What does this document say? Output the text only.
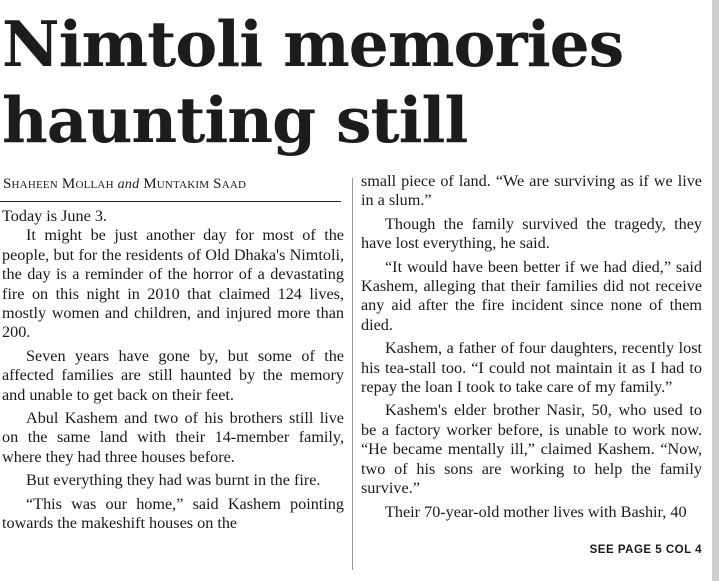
Nimtoli memories
haunting still
Shaheen Mollah and Muntakim Saad

Today is June 3.

It might be just another day for most of the people, but for the residents of Old Dhaka's Nimtoli, the day is a reminder of the horror of a devastating fire on this night in 2010 that claimed 124 lives, mostly women and children, and injured more than 200.

Seven years have gone by, but some of the affected families are still haunted by the memory and unable to get back on their feet.

Abul Kashem and two of his brothers still live on the same land with their 14-member family, where they had three houses before.

But everything they had was burnt in the fire.

“This was our home,” said Kashem pointing towards the makeshift houses on the

small piece of land. “We are surviving as if we live in a slum.”

Though the family survived the tragedy, they have lost everything, he said.

“It would have been better if we had died,” said Kashem, alleging that their families did not receive any aid after the fire incident since none of them died.

Kashem, a father of four daughters, recently lost his tea-stall too. “I could not maintain it as I had to repay the loan I took to take care of my family.”

Kashem's elder brother Nasir, 50, who used to be a factory worker before, is unable to work now. “He became mentally ill,” claimed Kashem. “Now, two of his sons are working to help the family survive.”

Their 70-year-old mother lives with Bashir, 40

SEE PAGE 5 COL 4
